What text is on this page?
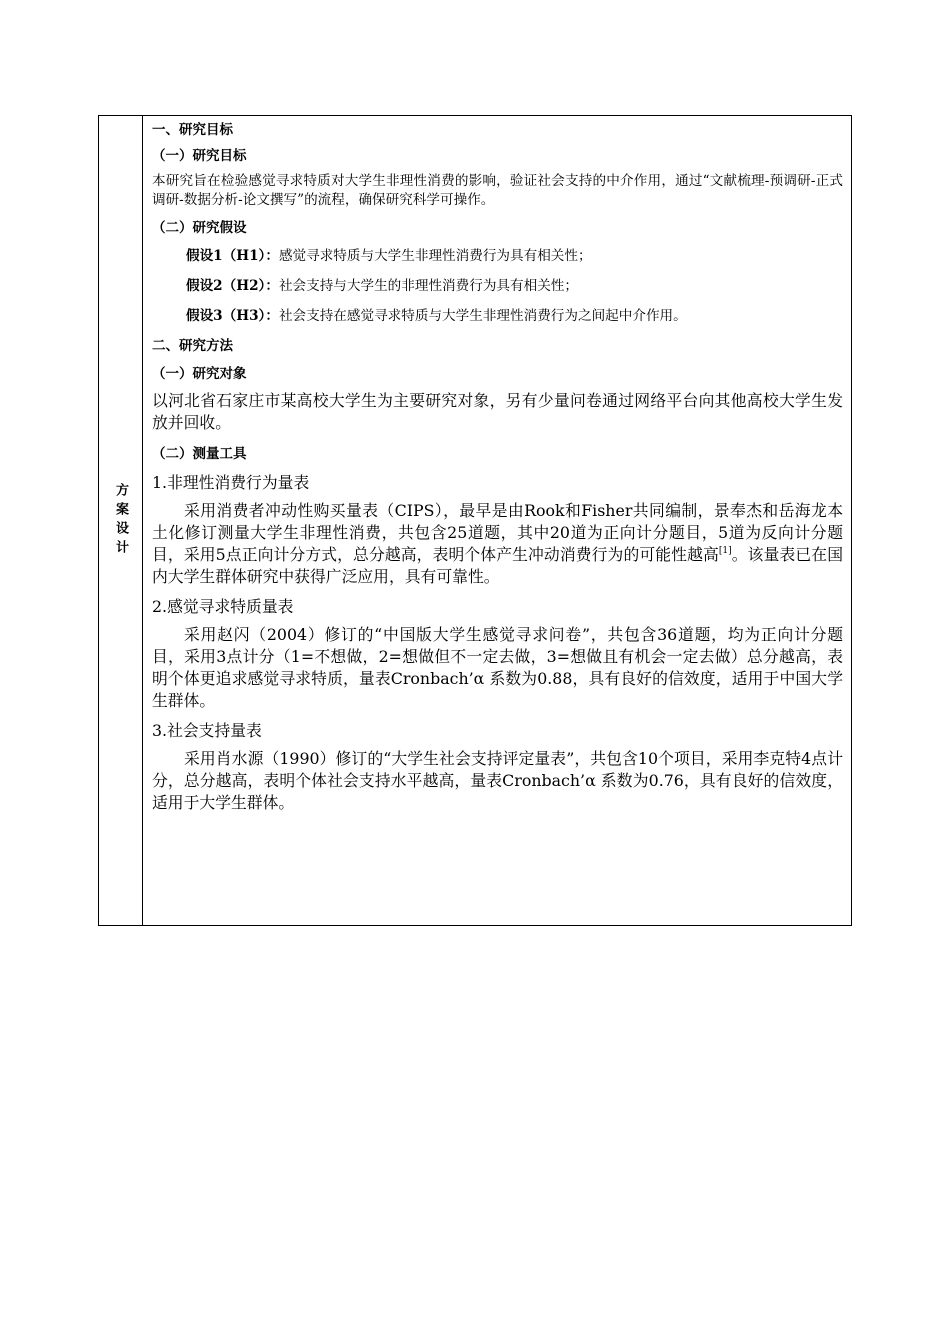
方案设计

一、研究目标

（一）研究目标

本研究旨在检验感觉寻求特质对大学生非理性消费的影响，验证社会支持的中介作用，通过“文献梳理-预调研-正式调研-数据分析-论文撰写”的流程，确保研究科学可操作。

（二）研究假设

假设1（H1）：感觉寻求特质与大学生非理性消费行为具有相关性；

假设2（H2）：社会支持与大学生的非理性消费行为具有相关性；

假设3（H3）：社会支持在感觉寻求特质与大学生非理性消费行为之间起中介作用。

二、研究方法

（一）研究对象

以河北省石家庄市某高校大学生为主要研究对象，另有少量问卷通过网络平台向其他高校大学生发放并回收。

（二）测量工具

1.非理性消费行为量表

采用消费者冲动性购买量表（CIPS），最早是由Rook和Fisher共同编制，景奉杰和岳海龙本土化修订测量大学生非理性消费，共包含25道题，其中20道为正向计分题目，5道为反向计分题目，采用5点正向计分方式，总分越高，表明个体产生冲动消费行为的可能性越高[1]。该量表已在国内大学生群体研究中获得广泛应用，具有可靠性。

2.感觉寻求特质量表

采用赵闪（2004）修订的“中国版大学生感觉寻求问卷”，共包含36道题，均为正向计分题目，采用3点计分（1=不想做，2=想做但不一定去做，3=想做且有机会一定去做）总分越高，表明个体更追求感觉寻求特质，量表Cronbach’α 系数为0.88，具有良好的信效度，适用于中国大学生群体。

3.社会支持量表

采用肖水源（1990）修订的“大学生社会支持评定量表”，共包含10个项目，采用李克特4点计分，总分越高，表明个体社会支持水平越高，量表Cronbach’α 系数为0.76，具有良好的信效度，适用于大学生群体。
